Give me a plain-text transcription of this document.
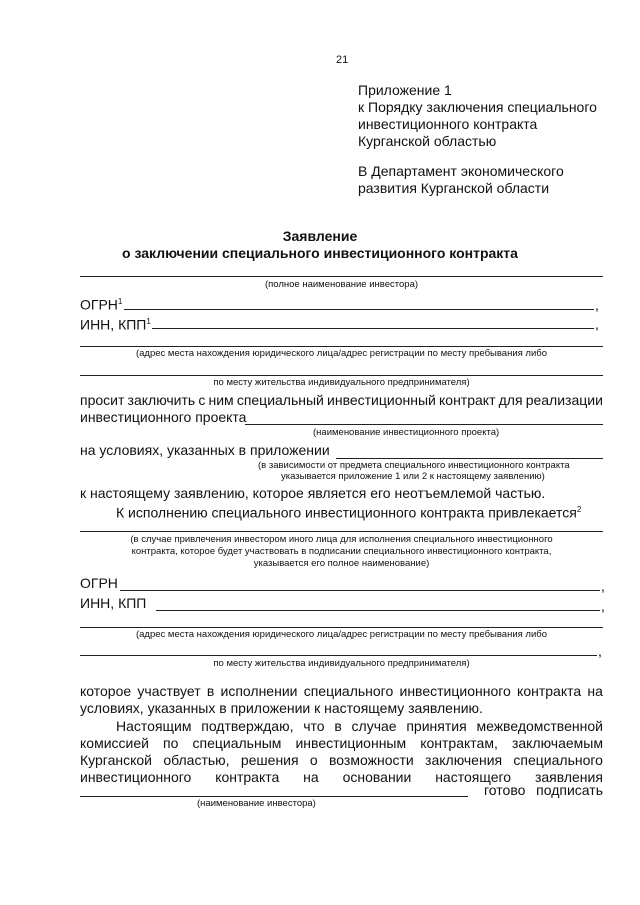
21
Приложение 1
к Порядку заключения специального
инвестиционного контракта
Курганской областью
В Департамент экономического
развития Курганской области
Заявление
о заключении специального инвестиционного контракта
(полное наименование инвестора)
ОГРН$^1$	,
ИНН, КПП$^1$	,
(адрес места нахождения юридического лица/адрес регистрации по месту пребывания либо
по месту жительства индивидуального предпринимателя)
просит заключить с ним специальный инвестиционный контракт для реализации
инвестиционного проекта
(наименование инвестиционного проекта)
на условиях, указанных в приложении
(в зависимости от предмета специального инвестиционного контракта
указывается приложение 1 или 2 к настоящему заявлению)
к настоящему заявлению, которое является его неотъемлемой частью.
К исполнению специального инвестиционного контракта привлекается$^2$
(в случае привлечения инвестором иного лица для исполнения специального инвестиционного
контракта, которое будет участвовать в подписании специального инвестиционного контракта,
указывается его полное наименование)
ОГРН	,
ИНН, КПП	,
(адрес места нахождения юридического лица/адрес регистрации по месту пребывания либо
,
по месту жительства индивидуального предпринимателя)
которое участвует в исполнении специального инвестиционного контракта на
условиях, указанных в приложении к настоящему заявлению.
Настоящим подтверждаю, что в случае принятия межведомственной
комиссией по специальным инвестиционным контрактам, заключаемым
Курганской областью, решения о возможности заключения специального
инвестиционного контракта на основании настоящего заявления
готово подписать
(наименование инвестора)
